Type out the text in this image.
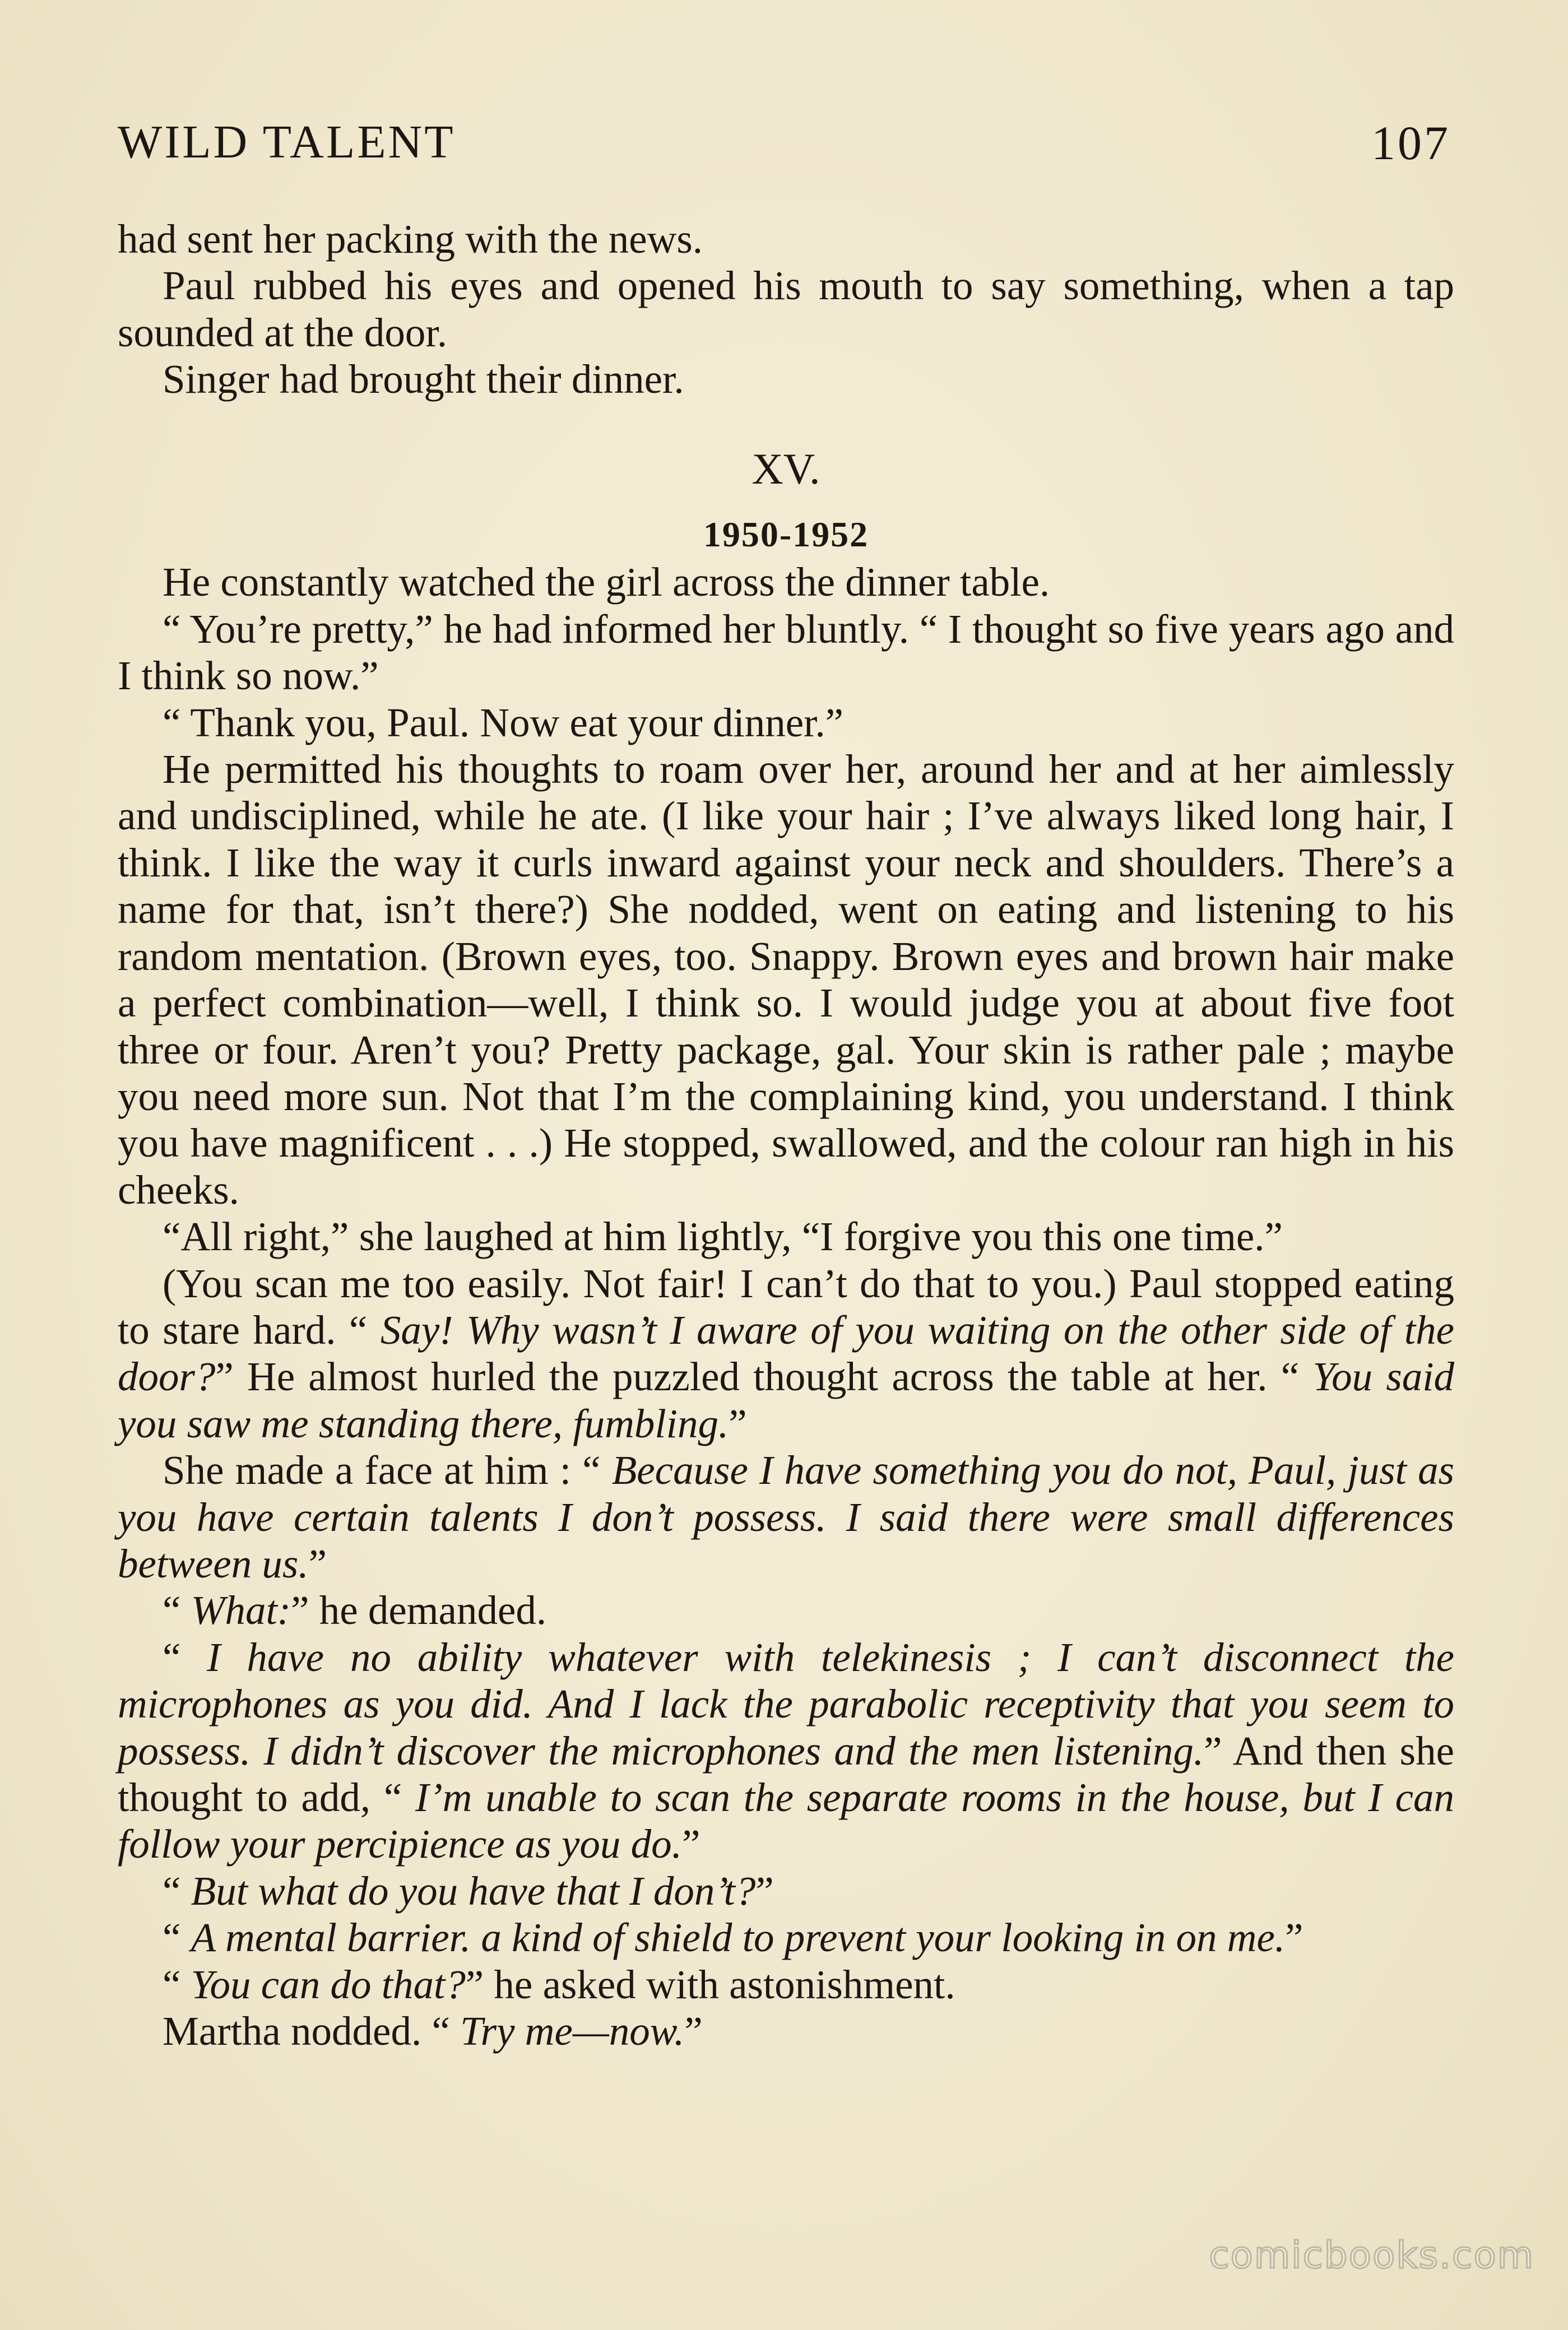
WILD TALENT	107

had sent her packing with the news.

Paul rubbed his eyes and opened his mouth to say something, when a tap sounded at the door.

Singer had brought their dinner.

XV.

1950-1952

He constantly watched the girl across the dinner table.

“ You’re pretty,” he had informed her bluntly. “ I thought so five years ago and I think so now.”

“ Thank you, Paul. Now eat your dinner.”

He permitted his thoughts to roam over her, around her and at her aimlessly and undisciplined, while he ate. (I like your hair ; I’ve always liked long hair, I think. I like the way it curls inward against your neck and shoulders. There’s a name for that, isn’t there?) She nodded, went on eating and listening to his random mentation. (Brown eyes, too. Snappy. Brown eyes and brown hair make a perfect combination—well, I think so. I would judge you at about five foot three or four. Aren’t you? Pretty package, gal. Your skin is rather pale ; maybe you need more sun. Not that I’m the complaining kind, you understand. I think you have magnificent . . .) He stopped, swallowed, and the colour ran high in his cheeks.

“All right,” she laughed at him lightly, “I forgive you this one time.”

(You scan me too easily. Not fair! I can’t do that to you.) Paul stopped eating to stare hard. “ Say! Why wasn’t I aware of you waiting on the other side of the door?” He almost hurled the puzzled thought across the table at her. “ You said you saw me standing there, fumbling.”

She made a face at him : “ Because I have something you do not, Paul, just as you have certain talents I don’t possess. I said there were small differences between us.”

“ What:” he demanded.

“ I have no ability whatever with telekinesis ; I can’t disconnect the microphones as you did. And I lack the parabolic receptivity that you seem to possess. I didn’t discover the microphones and the men listening.” And then she thought to add, “ I’m unable to scan the separate rooms in the house, but I can follow your percipience as you do.”

“ But what do you have that I don’t?”

“ A mental barrier. a kind of shield to prevent your looking in on me.”

“ You can do that?” he asked with astonishment.

Martha nodded. “ Try me—now.”

comicbooks.com
